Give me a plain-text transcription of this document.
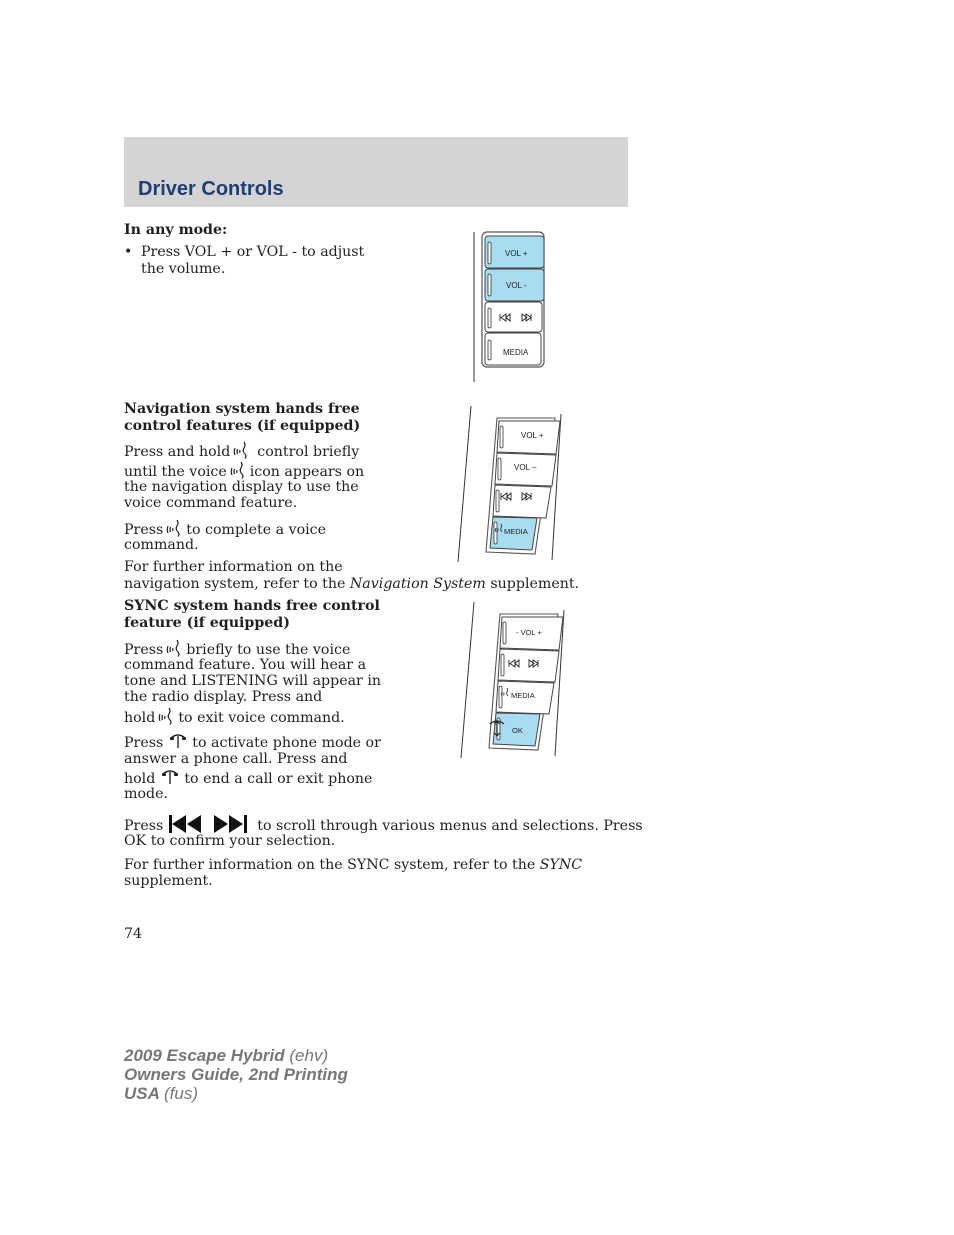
Driver Controls
In any mode:
• Press VOL + or VOL - to adjust
the volume.
VOL +
VOL -
MEDIA
Navigation system hands free
control features (if equipped)
Press and hold control briefly
until the voice icon appears on
the navigation display to use the
voice command feature.
Press to complete a voice
command.
For further information on the
navigation system, refer to the Navigation System supplement.
VOL +
VOL –
MEDIA
SYNC system hands free control
feature (if equipped)
Press briefly to use the voice
command feature. You will hear a
tone and LISTENING will appear in
the radio display. Press and
hold to exit voice command.
Press to activate phone mode or
answer a phone call. Press and
hold to end a call or exit phone
mode.
Press	to scroll through various menus and selections. Press
OK to confirm your selection.
For further information on the SYNC system, refer to the SYNC
supplement.
- VOL +
MEDIA
OK
74
2009 Escape Hybrid (ehv)
Owners Guide, 2nd Printing
USA (fus)
